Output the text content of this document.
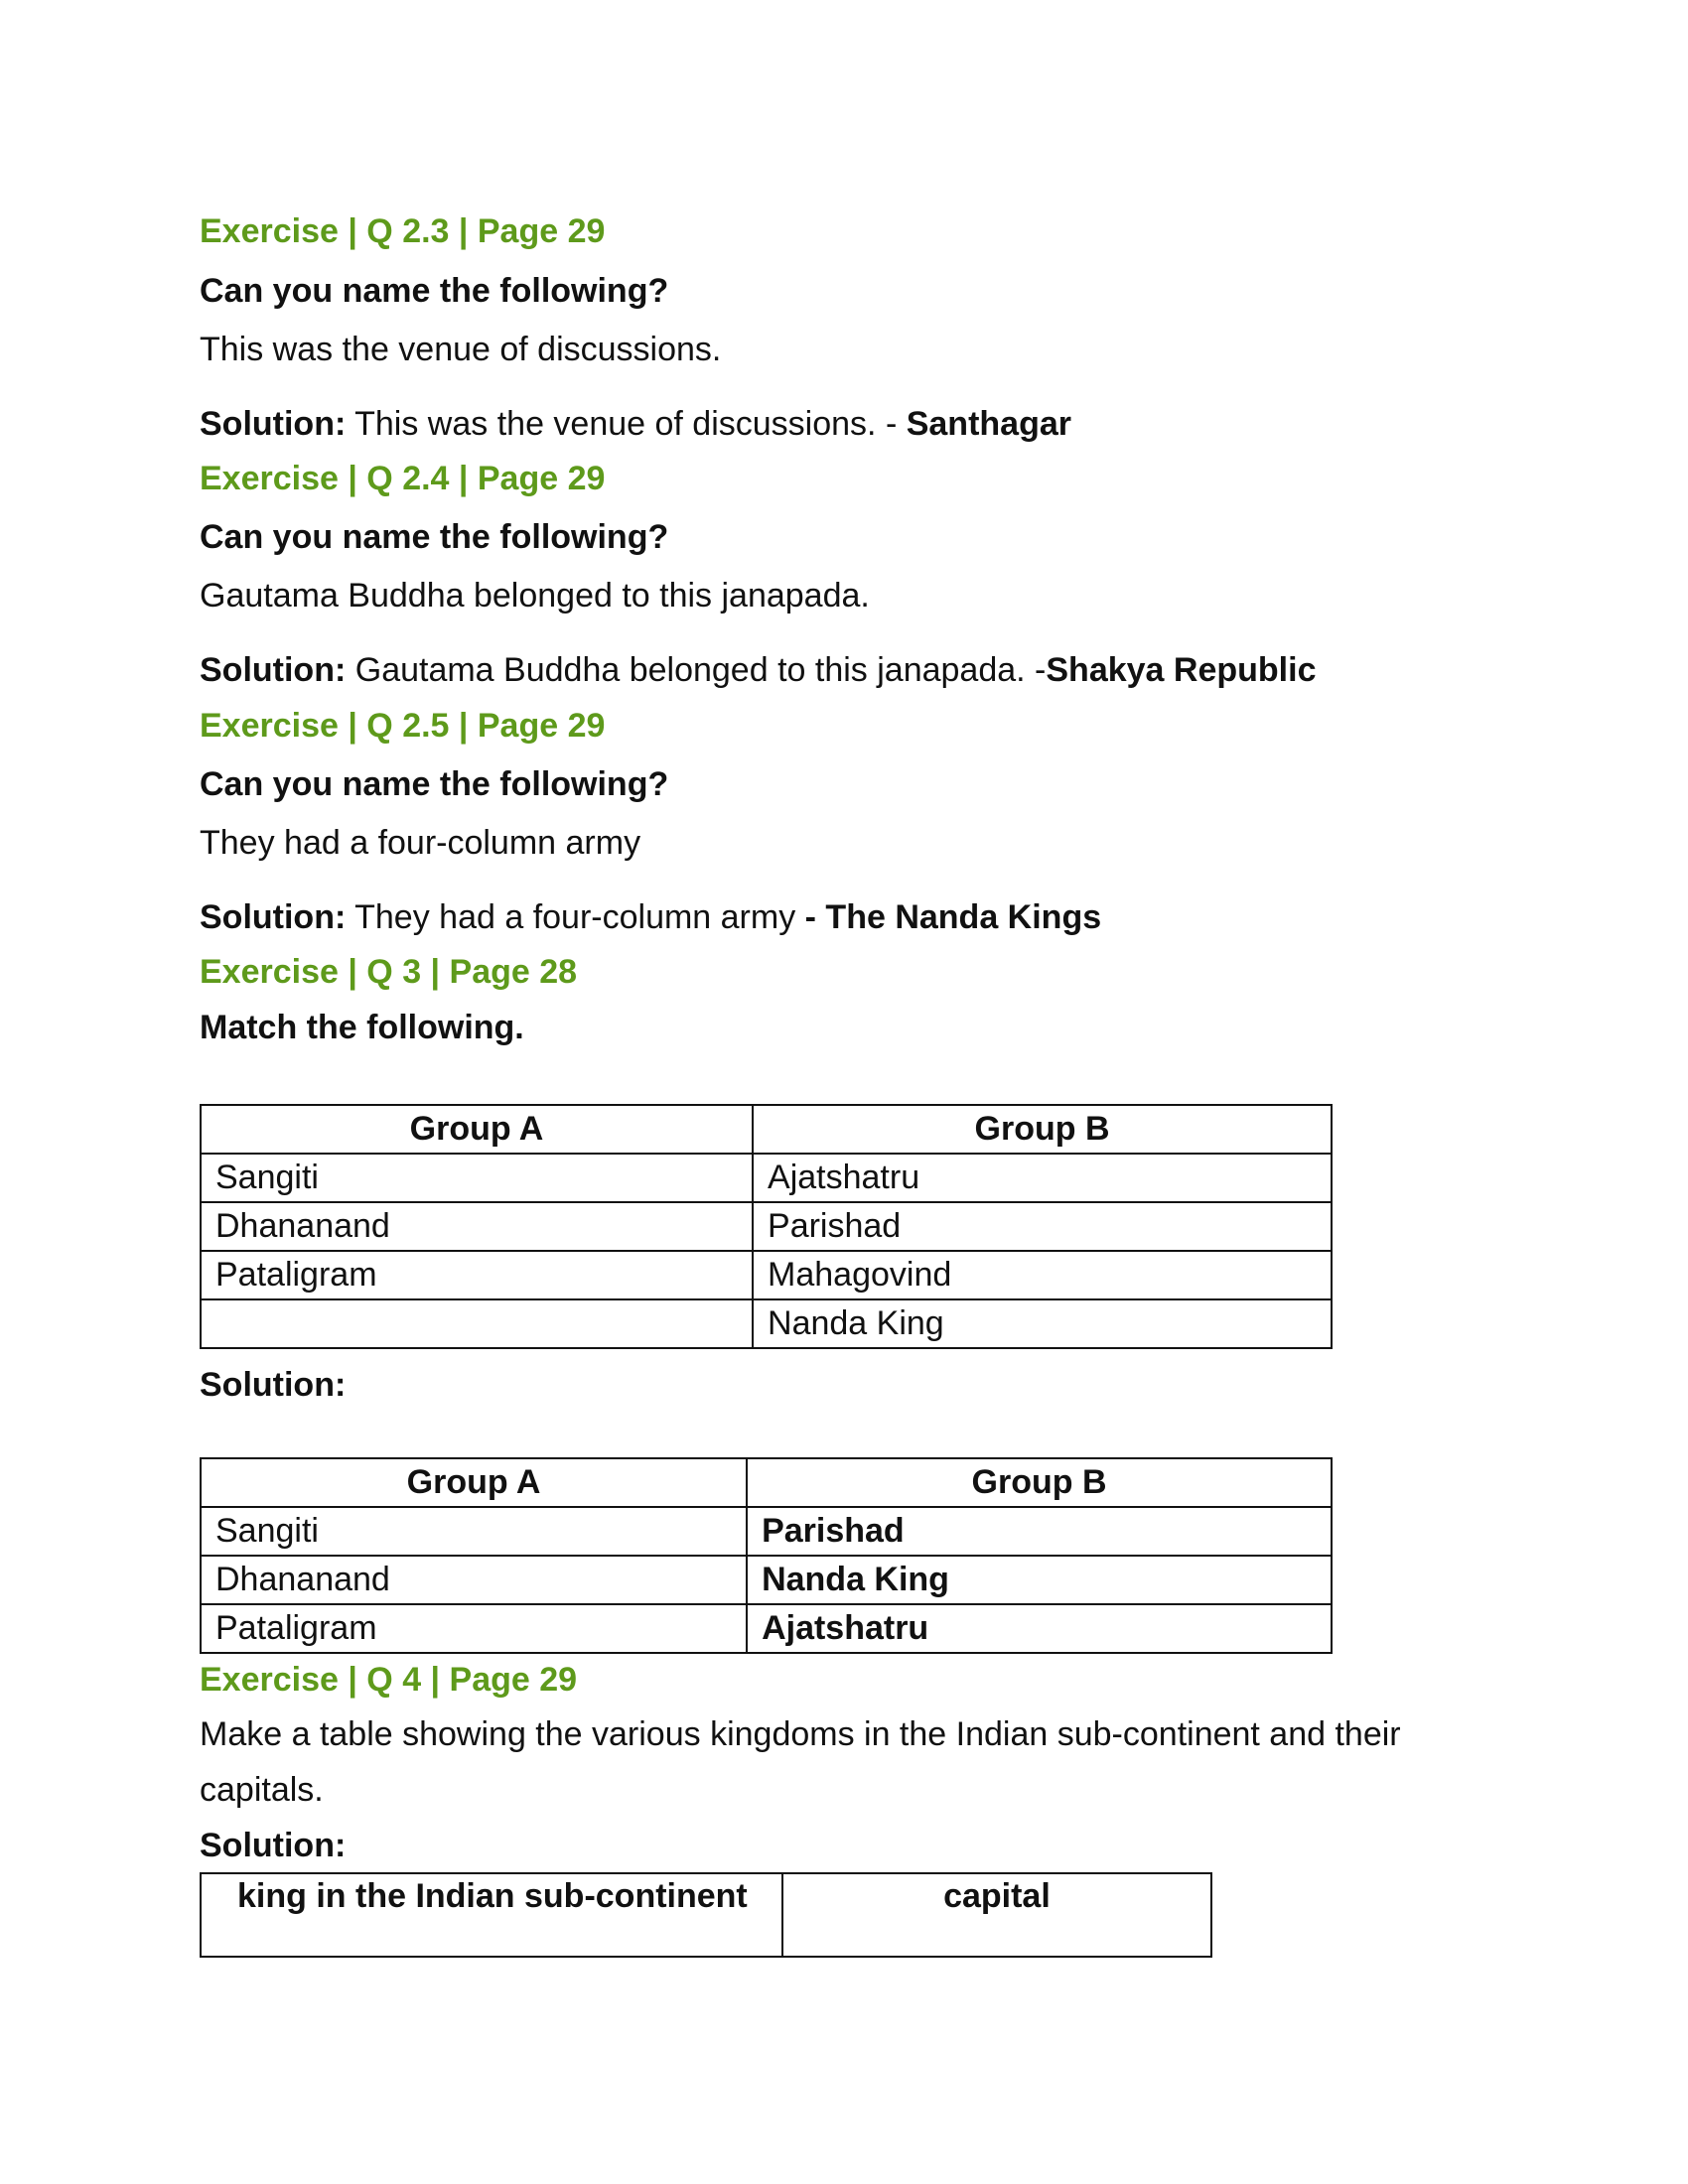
Exercise | Q 2.3 | Page 29
Can you name the following?
This was the venue of discussions.
Solution: This was the venue of discussions. - Santhagar
Exercise | Q 2.4 | Page 29
Can you name the following?
Gautama Buddha belonged to this janapada.
Solution: Gautama Buddha belonged to this janapada. -Shakya Republic
Exercise | Q 2.5 | Page 29
Can you name the following?
They had a four-column army
Solution: They had a four-column army - The Nanda Kings
Exercise | Q 3 | Page 28
Match the following.
Group A	Group B
Sangiti	Ajatshatru
Dhananand	Parishad
Pataligram	Mahagovind
	Nanda King
Solution:
Group A	Group B
Sangiti	Parishad
Dhananand	Nanda King
Pataligram	Ajatshatru
Exercise | Q 4 | Page 29
Make a table showing the various kingdoms in the Indian sub-continent and their
capitals.
Solution:
king in the Indian sub-continent	capital
